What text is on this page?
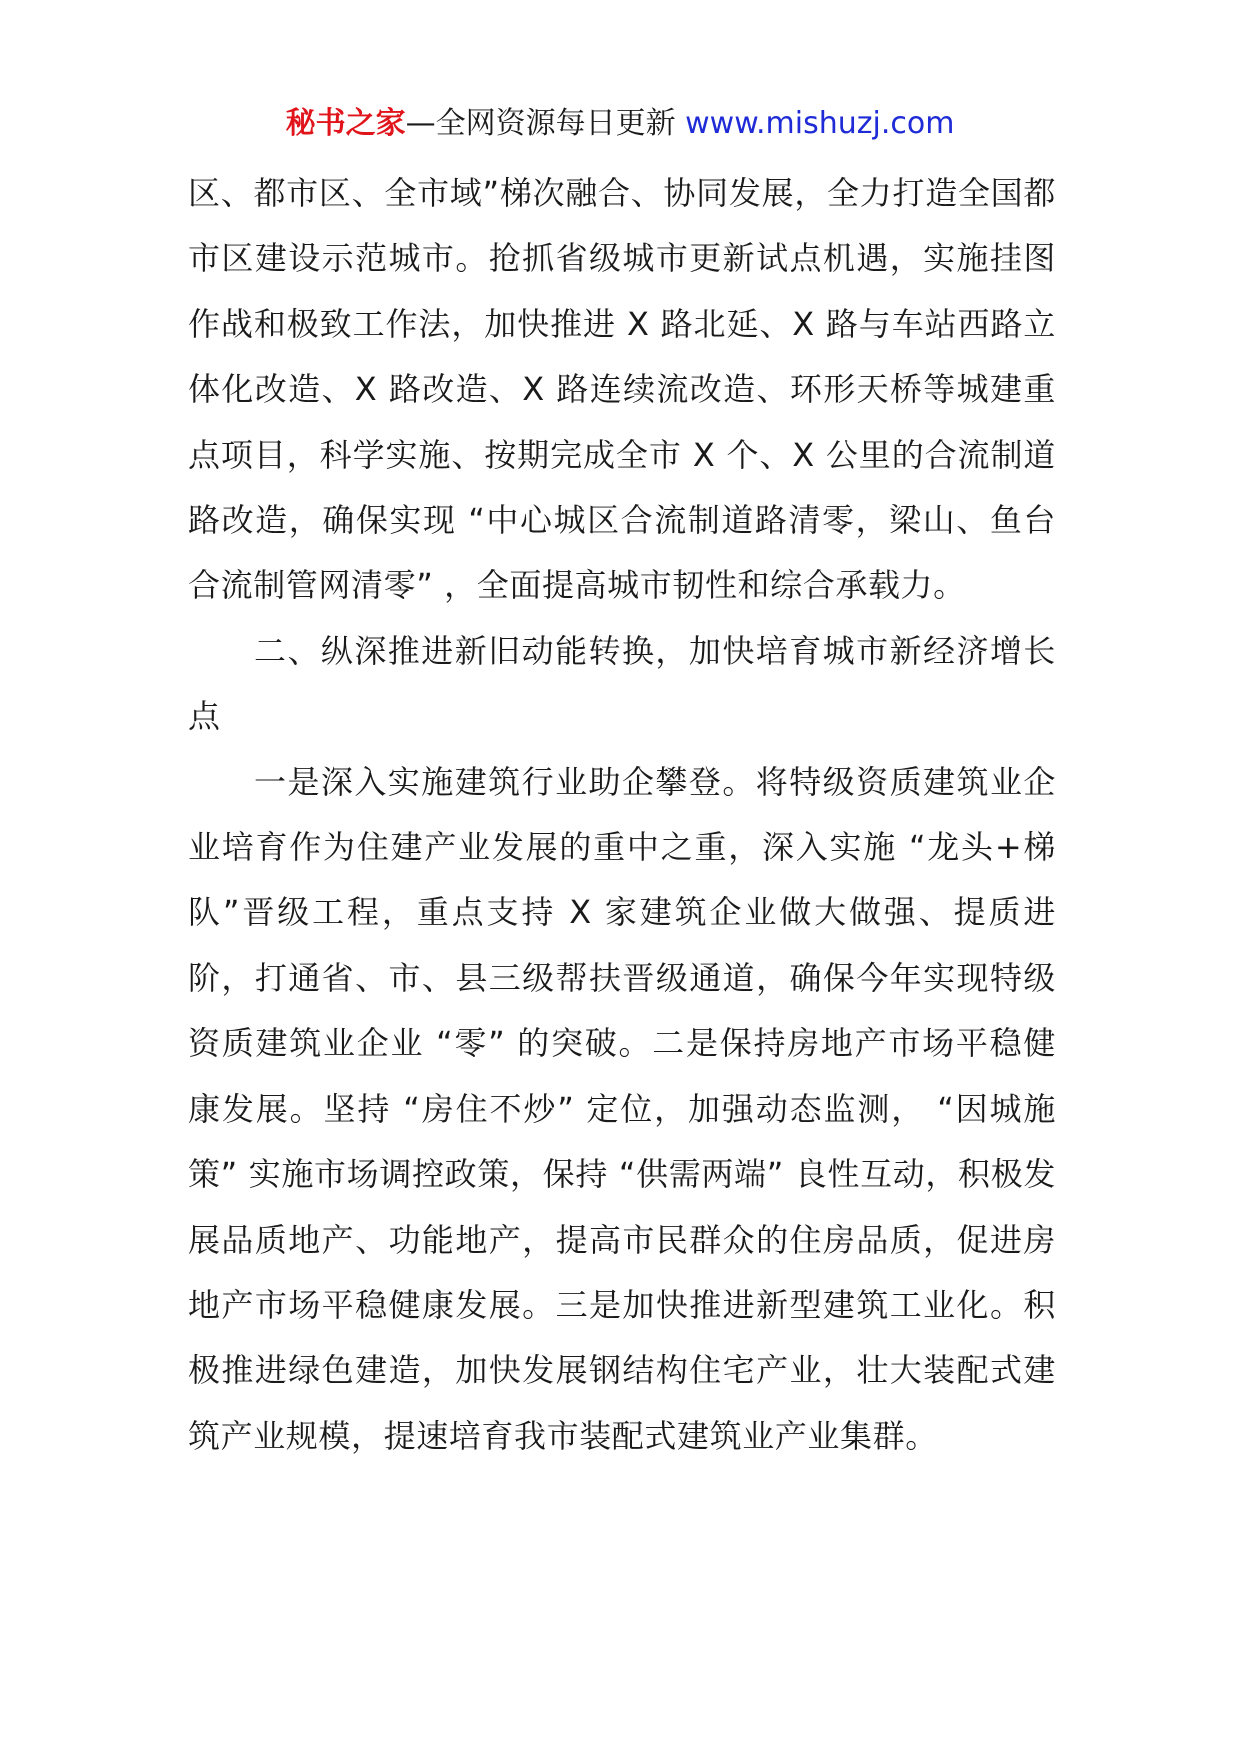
秘书之家—全网资源每日更新 www.mishuzj.com

区、都市区、全市域”梯次融合、协同发展，全力打造全国都市区建设示范城市。抢抓省级城市更新试点机遇，实施挂图作战和极致工作法，加快推进 X 路北延、X 路与车站西路立体化改造、X 路改造、X 路连续流改造、环形天桥等城建重点项目，科学实施、按期完成全市 X 个、X 公里的合流制道路改造，确保实现 “中心城区合流制道路清零，梁山、鱼台合流制管网清零” ，全面提高城市韧性和综合承载力。

二、纵深推进新旧动能转换，加快培育城市新经济增长点

一是深入实施建筑行业助企攀登。将特级资质建筑业企业培育作为住建产业发展的重中之重，深入实施 “龙头+梯队”晋级工程，重点支持 X 家建筑企业做大做强、提质进阶，打通省、市、县三级帮扶晋级通道，确保今年实现特级资质建筑业企业 “零” 的突破。二是保持房地产市场平稳健康发展。坚持 “房住不炒” 定位，加强动态监测， “因城施策” 实施市场调控政策，保持 “供需两端” 良性互动，积极发展品质地产、功能地产，提高市民群众的住房品质，促进房地产市场平稳健康发展。三是加快推进新型建筑工业化。积极推进绿色建造，加快发展钢结构住宅产业，壮大装配式建筑产业规模，提速培育我市装配式建筑业产业集群。
